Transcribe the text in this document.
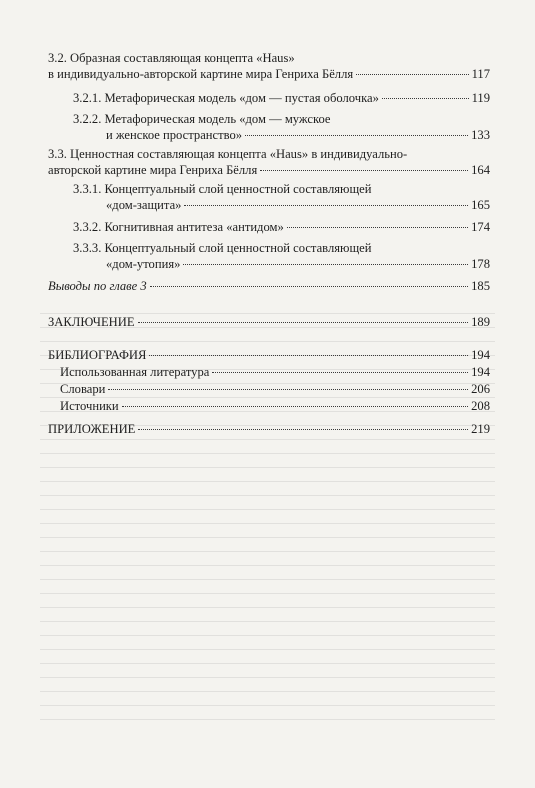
3.2. Образная составляющая концепта «Haus»
в индивидуально-авторской картине мира Генриха Бёлля	117
3.2.1. Метафорическая модель «дом — пустая оболочка»	119
3.2.2. Метафорическая модель «дом — мужское
и женское пространство»	133
3.3. Ценностная составляющая концепта «Haus» в индивидуально-
авторской картине мира Генриха Бёлля	164
3.3.1. Концептуальный слой ценностной составляющей
«дом-защита»	165
3.3.2. Когнитивная антитеза «антидом»	174
3.3.3. Концептуальный слой ценностной составляющей
«дом-утопия»	178
Выводы по главе 3	185
ЗАКЛЮЧЕНИЕ	189
БИБЛИОГРАФИЯ	194
Использованная литература	194
Словари	206
Источники	208
ПРИЛОЖЕНИЕ	219
